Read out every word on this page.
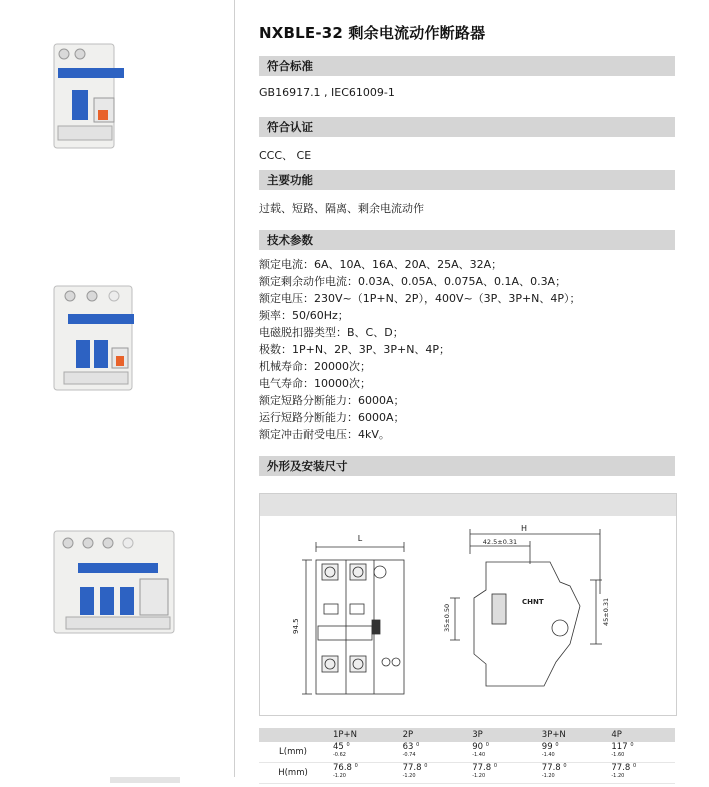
NXBLE-32 剩余电流动作断路器
符合标准
GB16917.1 , IEC61009-1
符合认证
CCC、 CE
主要功能
过载、短路、隔离、剩余电流动作
技术参数
额定电流：6A、10A、16A、20A、25A、32A；
额定剩余动作电流：0.03A、0.05A、0.075A、0.1A、0.3A；
额定电压：230V~（1P+N、2P），400V~（3P、3P+N、4P）；
频率：50/60Hz；
电磁脱扣器类型：B、C、D；
极数：1P+N、2P、3P、3P+N、4P；
机械寿命：20000次；
电气寿命：10000次；
额定短路分断能力：6000A；
运行短路分断能力：6000A；
额定冲击耐受电压：4kV。
外形及安装尺寸
L
94.5
H
42.5±0.31
35±0.50	45±0.31
CHNT
	1P+N	2P	3P	3P+N	4P
L(mm)	45 $^{0 -0.62}$	63 $^{0 -0.74}$	90 $^{0 -1.40}$	99 $^{0 -1.40}$	117 $^{0 -1.60}$
H(mm)	76.8 $^{0 -1.20}$	77.8 $^{0 -1.20}$	77.8 $^{0 -1.20}$	77.8 $^{0 -1.20}$	77.8 $^{0 -1.20}$
